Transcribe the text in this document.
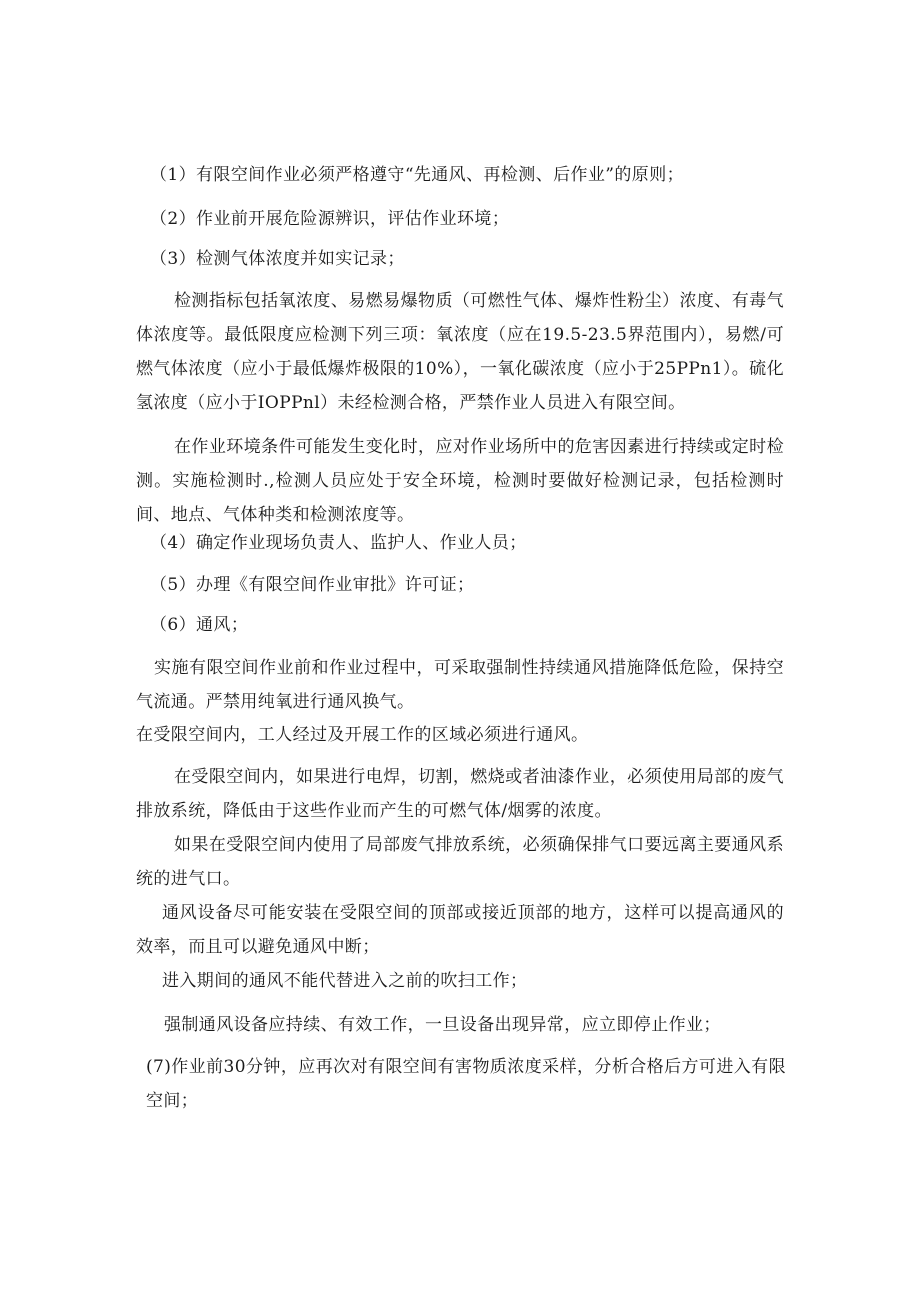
（1）有限空间作业必须严格遵守“先通风、再检测、后作业”的原则；
（2）作业前开展危险源辨识，评估作业环境；
（3）检测气体浓度并如实记录；
检测指标包括氧浓度、易燃易爆物质（可燃性气体、爆炸性粉尘）浓度、有毒气体浓度等。最低限度应检测下列三项：氧浓度（应在19.5-23.5界范围内），易燃/可燃气体浓度（应小于最低爆炸极限的10%），一氧化碳浓度（应小于25PPn1）。硫化氢浓度（应小于IOPPnl）未经检测合格，严禁作业人员进入有限空间。
在作业环境条件可能发生变化时，应对作业场所中的危害因素进行持续或定时检测。实施检测时.,检测人员应处于安全环境，检测时要做好检测记录，包括检测时间、地点、气体种类和检测浓度等。
（4）确定作业现场负责人、监护人、作业人员；
（5）办理《有限空间作业审批》许可证；
（6）通风；
实施有限空间作业前和作业过程中，可采取强制性持续通风措施降低危险，保持空气流通。严禁用纯氧进行通风换气。
在受限空间内，工人经过及开展工作的区域必须进行通风。
在受限空间内，如果进行电焊，切割，燃烧或者油漆作业，必须使用局部的废气排放系统，降低由于这些作业而产生的可燃气体/烟雾的浓度。
如果在受限空间内使用了局部废气排放系统，必须确保排气口要远离主要通风系统的进气口。
通风设备尽可能安装在受限空间的顶部或接近顶部的地方，这样可以提高通风的效率，而且可以避免通风中断；
进入期间的通风不能代替进入之前的吹扫工作；
强制通风设备应持续、有效工作，一旦设备出现异常，应立即停止作业；
(7)作业前30分钟，应再次对有限空间有害物质浓度采样，分析合格后方可进入有限空间；
